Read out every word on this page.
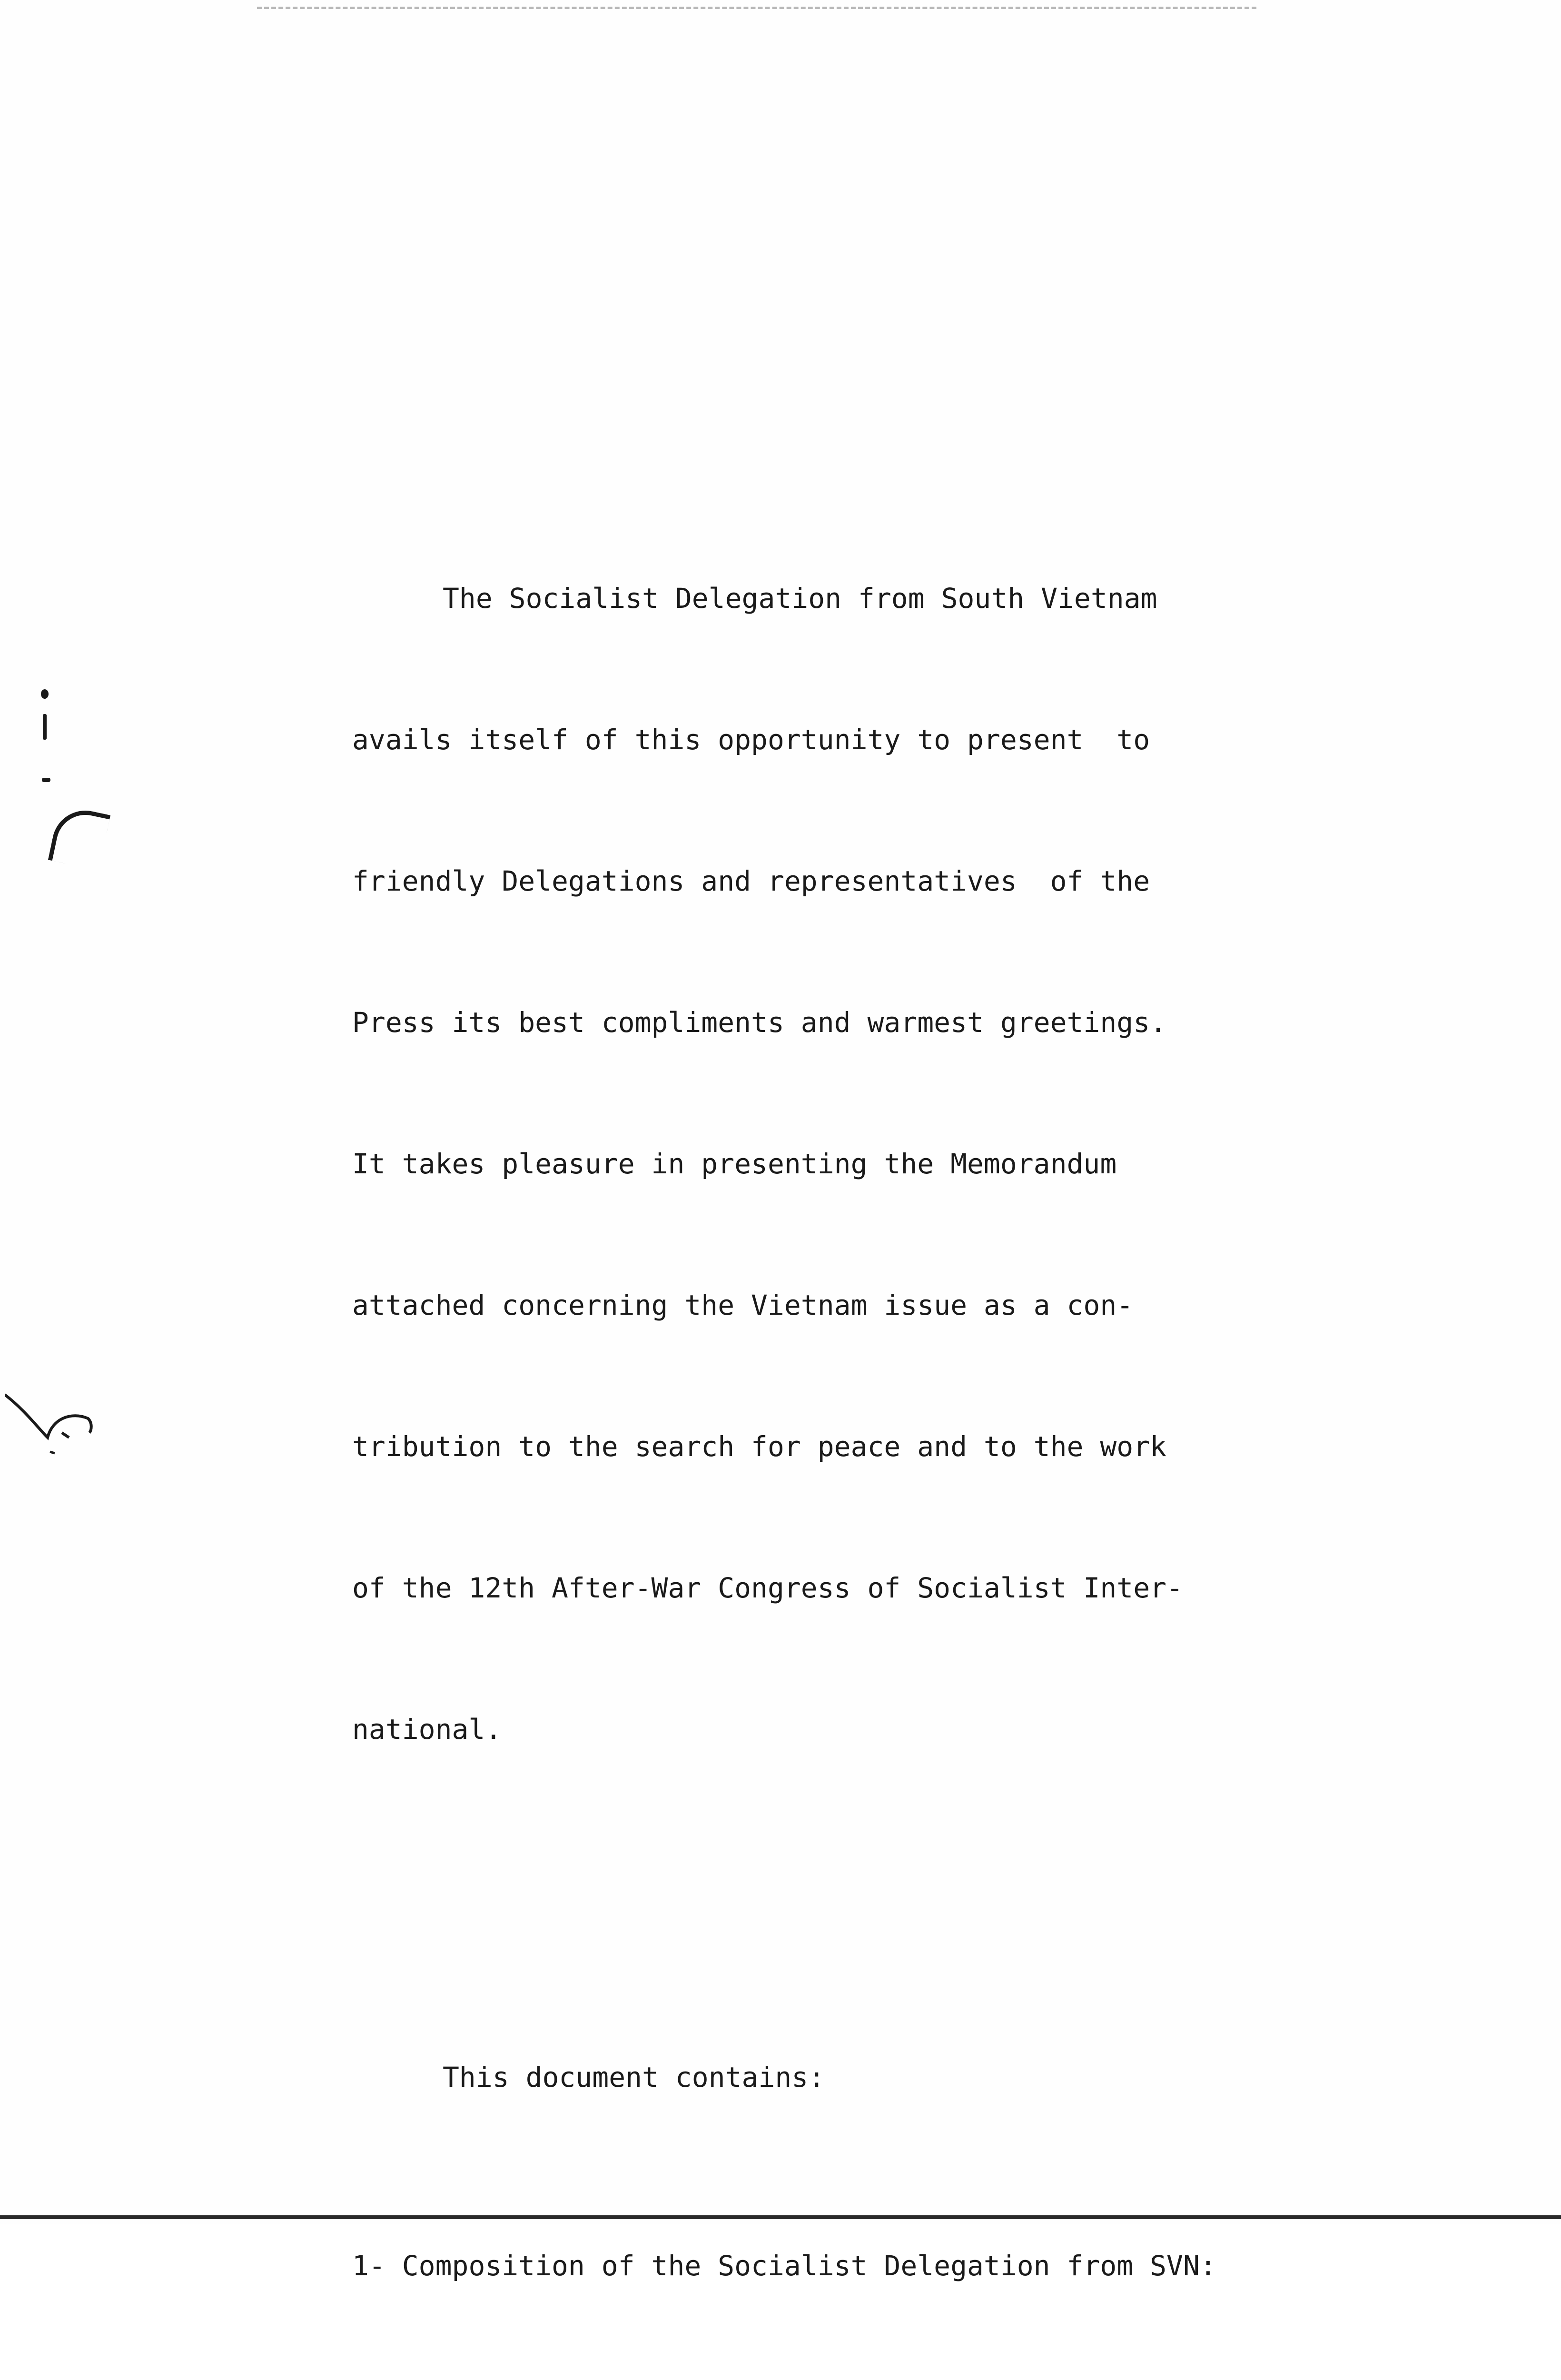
The Socialist Delegation from South Vietnam

avails itself of this opportunity to present  to

friendly Delegations and representatives  of the

Press its best compliments and warmest greetings.

It takes pleasure in presenting the Memorandum

attached concerning the Vietnam issue as a con-

tribution to the search for peace and to the work

of the 12th After-War Congress of Socialist Inter-

national.

This document contains:

1- Composition of the Socialist Delegation from SVN:
